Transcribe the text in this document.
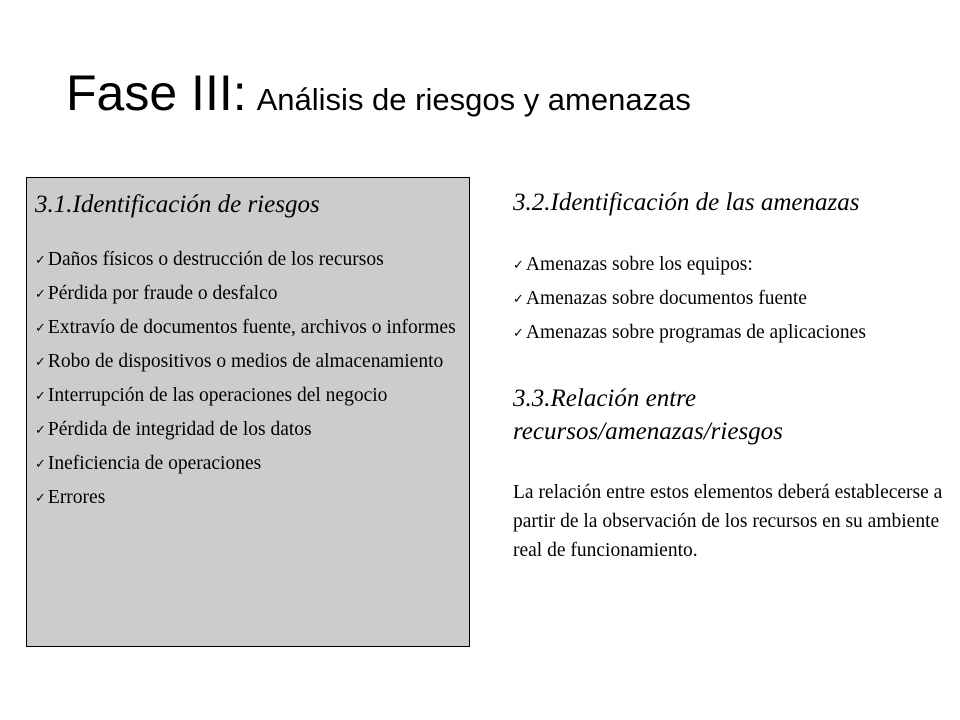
Fase III: Análisis de riesgos y amenazas

3.1.Identificación de riesgos

✓ Daños físicos o destrucción de los recursos
✓ Pérdida por fraude o desfalco
✓ Extravío de documentos fuente, archivos o informes
✓ Robo de dispositivos o medios de almacenamiento
✓ Interrupción de las operaciones del negocio
✓ Pérdida de integridad de los datos
✓ Ineficiencia de operaciones
✓ Errores

3.2.Identificación de las amenazas

✓ Amenazas sobre los equipos:
✓ Amenazas sobre documentos fuente
✓ Amenazas sobre programas de aplicaciones

3.3.Relación entre recursos/amenazas/riesgos

La relación entre estos elementos deberá establecerse a partir de la observación de los recursos en su ambiente real de funcionamiento.
